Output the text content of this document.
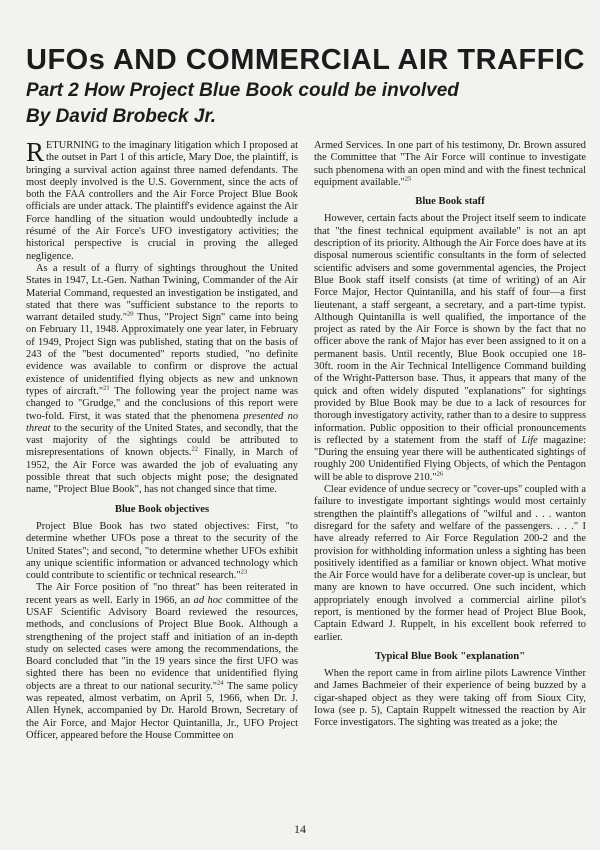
UFOs AND COMMERCIAL AIR TRAFFIC
Part 2 How Project Blue Book could be involved
By David Brobeck Jr.

RETURNING to the imaginary litigation which I proposed at the outset in Part 1 of this article, Mary Doe, the plaintiff, is bringing a survival action against three named defendants. The most deeply involved is the U.S. Government, since the acts of both the FAA controllers and the Air Force Project Blue Book officials are under attack. The plaintiff's evidence against the Air Force handling of the situation would undoubtedly include a résumé of the Air Force's UFO investigatory activities; the historical perspective is crucial in proving the alleged negligence.

As a result of a flurry of sightings throughout the United States in 1947, Lt.-Gen. Nathan Twining, Commander of the Air Material Command, requested an investigation be instigated, and stated that there was "sufficient substance to the reports to warrant detailed study."$^{20}$ Thus, "Project Sign" came into being on February 11, 1948. Approximately one year later, in February of 1949, Project Sign was published, stating that on the basis of 243 of the "best documented" reports studied, "no definite evidence was available to confirm or disprove the actual existence of unidentified flying objects as new and unknown types of aircraft."$^{21}$ The following year the project name was changed to "Grudge," and the conclusions of this report were two-fold. First, it was stated that the phenomena presented no threat to the security of the United States, and secondly, that the vast majority of the sightings could be attributed to misrepresentations of known objects.$^{22}$ Finally, in March of 1952, the Air Force was awarded the job of evaluating any possible threat that such objects might pose; the designated name, "Project Blue Book", has not changed since that time.

Blue Book objectives

Project Blue Book has two stated objectives: First, "to determine whether UFOs pose a threat to the security of the United States"; and second, "to determine whether UFOs exhibit any unique scientific information or advanced technology which could contribute to scientific or technical research."$^{23}$

The Air Force position of "no threat" has been reiterated in recent years as well. Early in 1966, an ad hoc committee of the USAF Scientific Advisory Board reviewed the resources, methods, and conclusions of Project Blue Book. Although a strengthening of the project staff and initiation of an in-depth study on selected cases were among the recommendations, the Board concluded that "in the 19 years since the first UFO was sighted there has been no evidence that unidentified flying objects are a threat to our national security."$^{24}$ The same policy was repeated, almost verbatim, on April 5, 1966, when Dr. J. Allen Hynek, accompanied by Dr. Harold Brown, Secretary of the Air Force, and Major Hector Quintanilla, Jr., UFO Project Officer, appeared before the House Committee on

Armed Services. In one part of his testimony, Dr. Brown assured the Committee that "The Air Force will continue to investigate such phenomena with an open mind and with the finest technical equipment available."$^{25}$

Blue Book staff

However, certain facts about the Project itself seem to indicate that "the finest technical equipment available" is not an apt description of its priority. Although the Air Force does have at its disposal numerous scientific consultants in the form of selected scientific advisers and some governmental agencies, the Project Blue Book staff itself consists (at time of writing) of an Air Force Major, Hector Quintanilla, and his staff of four—a first lieutenant, a staff sergeant, a secretary, and a part-time typist. Although Quintanilla is well qualified, the importance of the project as rated by the Air Force is shown by the fact that no officer above the rank of Major has ever been assigned to it on a permanent basis. Until recently, Blue Book occupied one 18-30ft. room in the Air Technical Intelligence Command building of the Wright-Patterson base. Thus, it appears that many of the quick and often widely disputed "explanations" for sightings provided by Blue Book may be due to a lack of resources for thorough investigatory activity, rather than to a desire to suppress information. Public opposition to their official pronouncements is reflected by a statement from the staff of Life magazine: "During the ensuing year there will be authenticated sightings of roughly 200 Unidentified Flying Objects, of which the Pentagon will be able to disprove 210."$^{26}$

Clear evidence of undue secrecy or "cover-ups" coupled with a failure to investigate important sightings would most certainly strengthen the plaintiff's allegations of "wilful and . . . wanton disregard for the safety and welfare of the passengers. . . ." I have already referred to Air Force Regulation 200-2 and the provision for withholding information unless a sighting has been positively identified as a familiar or known object. What motive the Air Force would have for a deliberate cover-up is unclear, but many are known to have occurred. One such incident, which appropriately enough involved a commercial airline pilot's report, is mentioned by the former head of Project Blue Book, Captain Edward J. Ruppelt, in his excellent book referred to earlier.

Typical Blue Book "explanation"

When the report came in from airline pilots Lawrence Vinther and James Bachmeier of their experience of being buzzed by a cigar-shaped object as they were taking off from Sioux City, Iowa (see p. 5), Captain Ruppelt witnessed the reaction by Air Force investigators. The sighting was treated as a joke; the

14
